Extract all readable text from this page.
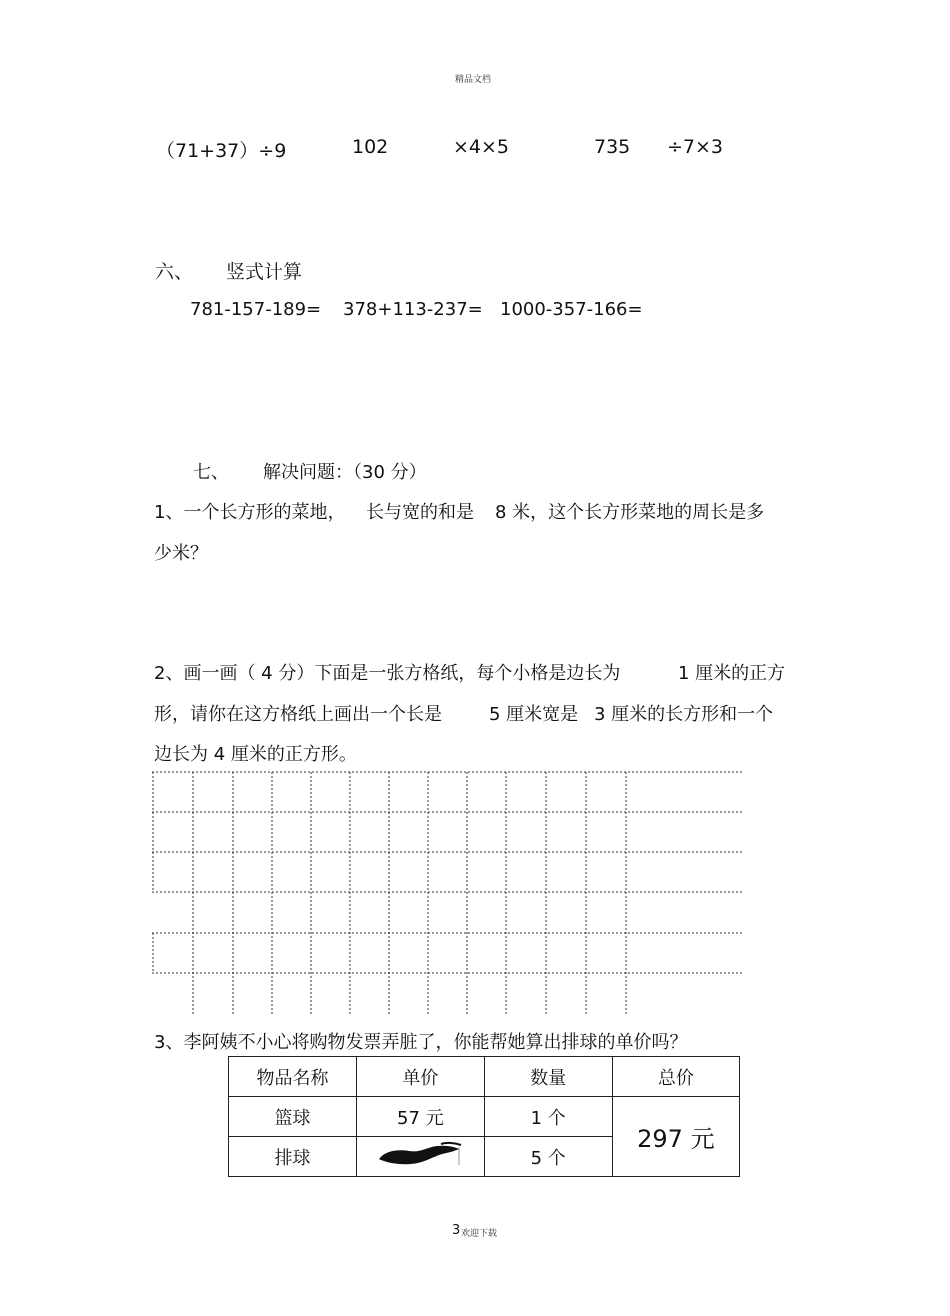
精品文档
（71+37）÷9	102	×4×5	735 ÷7×3
六、 竖式计算
781-157-189= 378+113-237= 1000-357-166=
七、 解决问题：（30 分）
1、一个长方形的菜地， 长与宽的和是 8 米，这个长方形菜地的周长是多
少米？
2、画一画（ 4 分）下面是一张方格纸，每个小格是边长为	1 厘米的正方
形，请你在这方格纸上画出一个长是	5 厘米宽是 3 厘米的长方形和一个
边长为 4 厘米的正方形。
3、李阿姨不小心将购物发票弄脏了，你能帮她算出排球的单价吗？
物品名称	单价	数量	总价
篮球	57 元	1 个	297 元
排球		5 个	
3 欢迎下载
